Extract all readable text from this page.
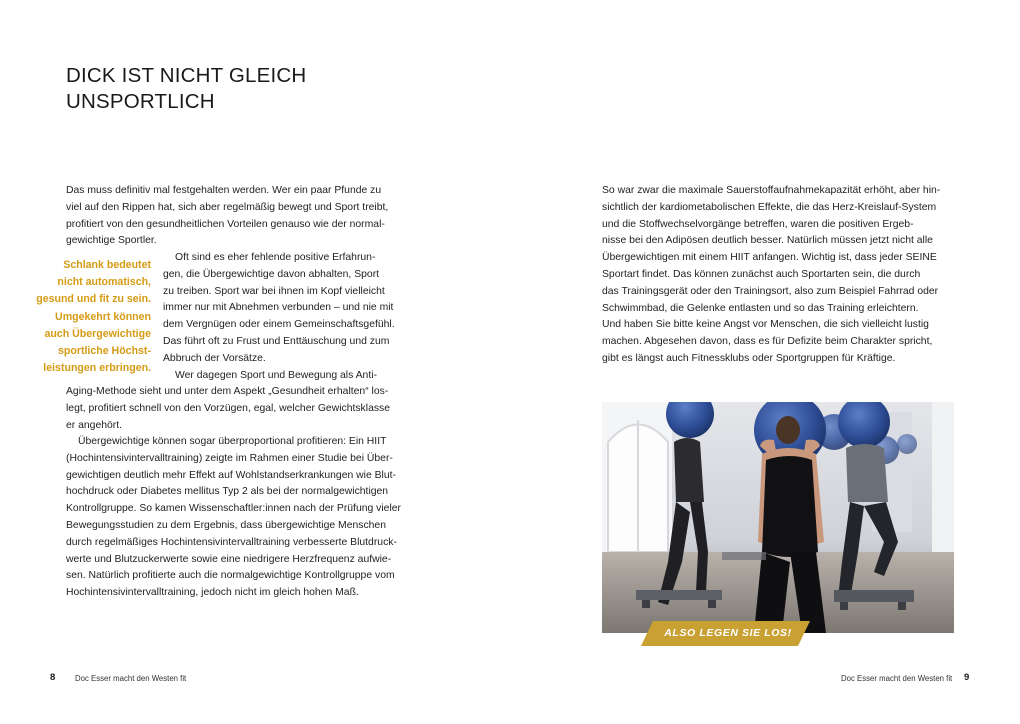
DICK IST NICHT GLEICH
UNSPORTLICH

Das muss definitiv mal festgehalten werden. Wer ein paar Pfunde zu

viel auf den Rippen hat, sich aber regelmäßig bewegt und Sport treibt,

profitiert von den gesundheitlichen Vorteilen genauso wie der normal-

gewichtige Sportler.

Schlank bedeutet
nicht automatisch,
gesund und fit zu sein.
Umgekehrt können
auch Übergewichtige
sportliche Höchst-
leistungen erbringen.

Oft sind es eher fehlende positive Erfahrun-

gen, die Übergewichtige davon abhalten, Sport

zu treiben. Sport war bei ihnen im Kopf vielleicht

immer nur mit Abnehmen verbunden – und nie mit

dem Vergnügen oder einem Gemeinschaftsgefühl.

Das führt oft zu Frust und Enttäuschung und zum

Abbruch der Vorsätze.

Wer dagegen Sport und Bewegung als Anti-

Aging-Methode sieht und unter dem Aspekt „Gesundheit erhalten“ los-

legt, profitiert schnell von den Vorzügen, egal, welcher Gewichtsklasse

er angehört.

Übergewichtige können sogar überproportional profitieren: Ein HIIT

(Hochintensivintervalltraining) zeigte im Rahmen einer Studie bei Über-

gewichtigen deutlich mehr Effekt auf Wohlstandserkrankungen wie Blut-

hochdruck oder Diabetes mellitus Typ 2 als bei der normalgewichtigen

Kontrollgruppe. So kamen Wissenschaftler:innen nach der Prüfung vieler

Bewegungsstudien zu dem Ergebnis, dass übergewichtige Menschen

durch regelmäßiges Hochintensivintervalltraining verbesserte Blutdruck-

werte und Blutzuckerwerte sowie eine niedrigere Herzfrequenz aufwie-

sen. Natürlich profitierte auch die normalgewichtige Kontrollgruppe vom

Hochintensivintervalltraining, jedoch nicht im gleich hohen Maß.

8	Doc Esser macht den Westen fit

So war zwar die maximale Sauerstoffaufnahmekapazität erhöht, aber hin-

sichtlich der kardiometabolischen Effekte, die das Herz-Kreislauf-System

und die Stoffwechselvorgänge betreffen, waren die positiven Ergeb-

nisse bei den Adipösen deutlich besser. Natürlich müssen jetzt nicht alle

Übergewichtigen mit einem HIIT anfangen. Wichtig ist, dass jeder SEINE

Sportart findet. Das können zunächst auch Sportarten sein, die durch

das Trainingsgerät oder den Trainingsort, also zum Beispiel Fahrrad oder

Schwimmbad, die Gelenke entlasten und so das Training erleichtern.

Und haben Sie bitte keine Angst vor Menschen, die sich vielleicht lustig

machen. Abgesehen davon, dass es für Defizite beim Charakter spricht,

gibt es längst auch Fitnessklubs oder Sportgruppen für Kräftige.

ALSO LEGEN SIE LOS!
Doc Esser macht den Westen fit 9
